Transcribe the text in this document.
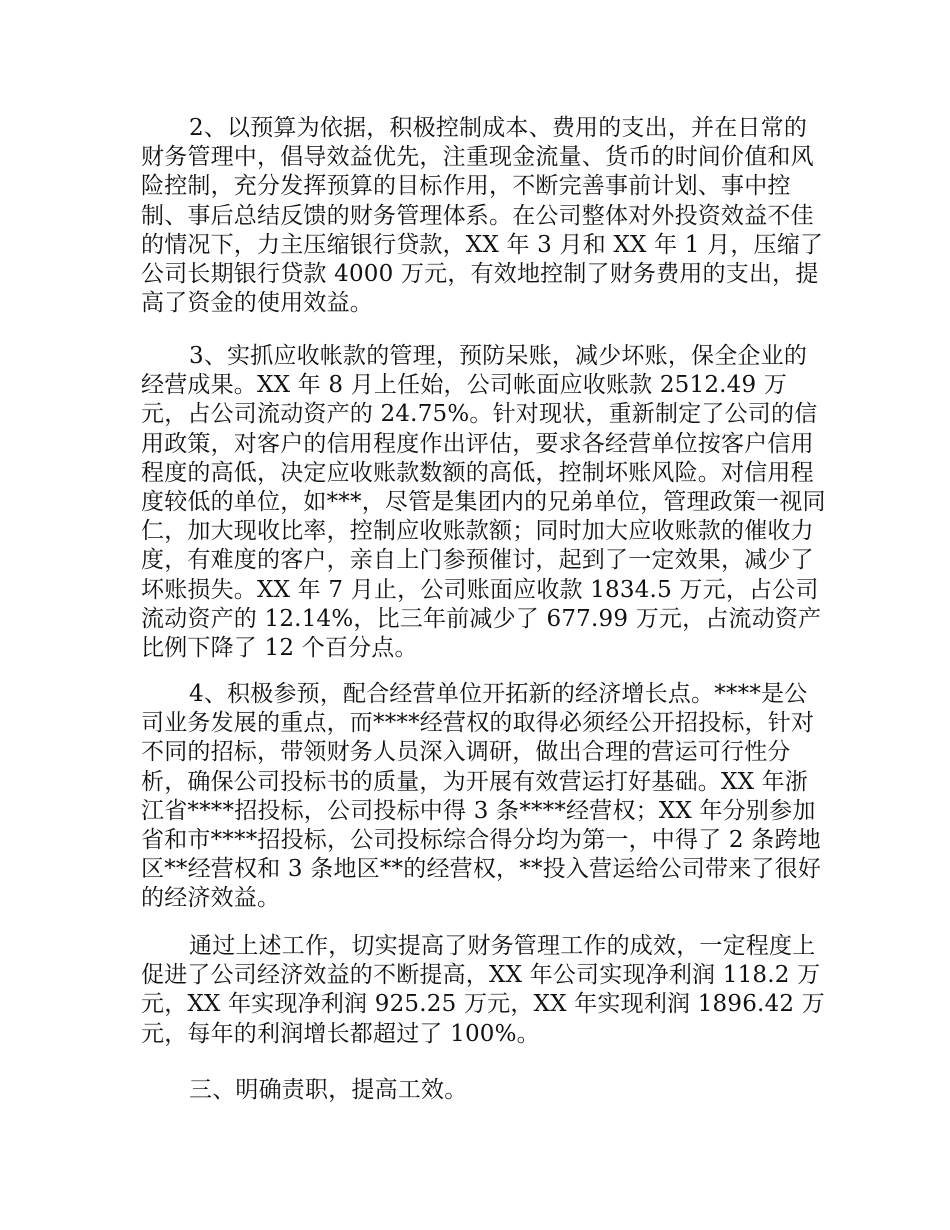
2、以预算为依据，积极控制成本、费用的支出，并在日常的财务管理中，倡导效益优先，注重现金流量、货币的时间价值和风险控制，充分发挥预算的目标作用，不断完善事前计划、事中控制、事后总结反馈的财务管理体系。在公司整体对外投资效益不佳的情况下，力主压缩银行贷款，XX 年 3 月和 XX 年 1 月，压缩了公司长期银行贷款 4000 万元，有效地控制了财务费用的支出，提高了资金的使用效益。

3、实抓应收帐款的管理，预防呆账，减少坏账，保全企业的经营成果。XX 年 8 月上任始，公司帐面应收账款 2512.49 万元，占公司流动资产的 24.75%。针对现状，重新制定了公司的信用政策，对客户的信用程度作出评估，要求各经营单位按客户信用程度的高低，决定应收账款数额的高低，控制坏账风险。对信用程度较低的单位，如***，尽管是集团内的兄弟单位，管理政策一视同仁，加大现收比率，控制应收账款额；同时加大应收账款的催收力度，有难度的客户，亲自上门参预催讨，起到了一定效果，减少了坏账损失。XX 年 7 月止，公司账面应收款 1834.5 万元，占公司流动资产的 12.14%，比三年前减少了 677.99 万元，占流动资产比例下降了 12 个百分点。

4、积极参预，配合经营单位开拓新的经济增长点。****是公司业务发展的重点，而****经营权的取得必须经公开招投标，针对不同的招标，带领财务人员深入调研，做出合理的营运可行性分析，确保公司投标书的质量，为开展有效营运打好基础。XX 年浙江省****招投标，公司投标中得 3 条****经营权；XX 年分别参加省和市****招投标，公司投标综合得分均为第一，中得了 2 条跨地区**经营权和 3 条地区**的经营权，**投入营运给公司带来了很好的经济效益。

通过上述工作，切实提高了财务管理工作的成效，一定程度上促进了公司经济效益的不断提高，XX 年公司实现净利润 118.2 万元，XX 年实现净利润 925.25 万元，XX 年实现利润 1896.42 万元，每年的利润增长都超过了 100%。

三、明确责职，提高工效。
